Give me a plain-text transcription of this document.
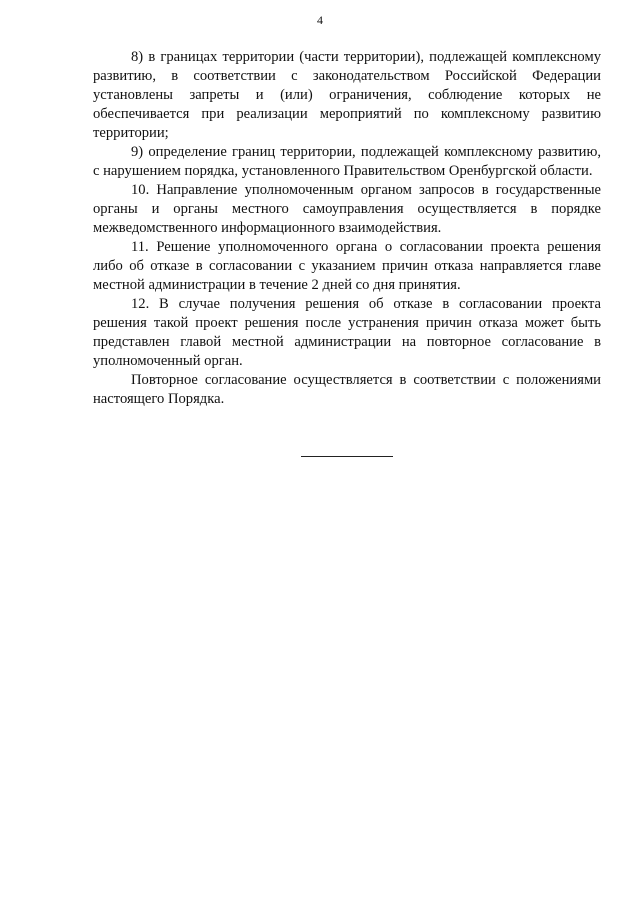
4

8) в границах территории (части территории), подлежащей комплексному развитию, в соответствии с законодательством Российской Федерации установлены запреты и (или) ограничения, соблюдение которых не обеспечивается при реализации мероприятий по комплексному развитию территории;

9) определение границ территории, подлежащей комплексному развитию, с нарушением порядка, установленного Правительством Оренбургской области.

10. Направление уполномоченным органом запросов в государственные органы и органы местного самоуправления осуществляется в порядке межведомственного информационного взаимодействия.

11. Решение уполномоченного органа о согласовании проекта решения либо об отказе в согласовании с указанием причин отказа направляется главе местной администрации в течение 2 дней со дня принятия.

12. В случае получения решения об отказе в согласовании проекта решения такой проект решения после устранения причин отказа может быть представлен главой местной администрации на повторное согласование в уполномоченный орган.

Повторное согласование осуществляется в соответствии с положениями настоящего Порядка.
